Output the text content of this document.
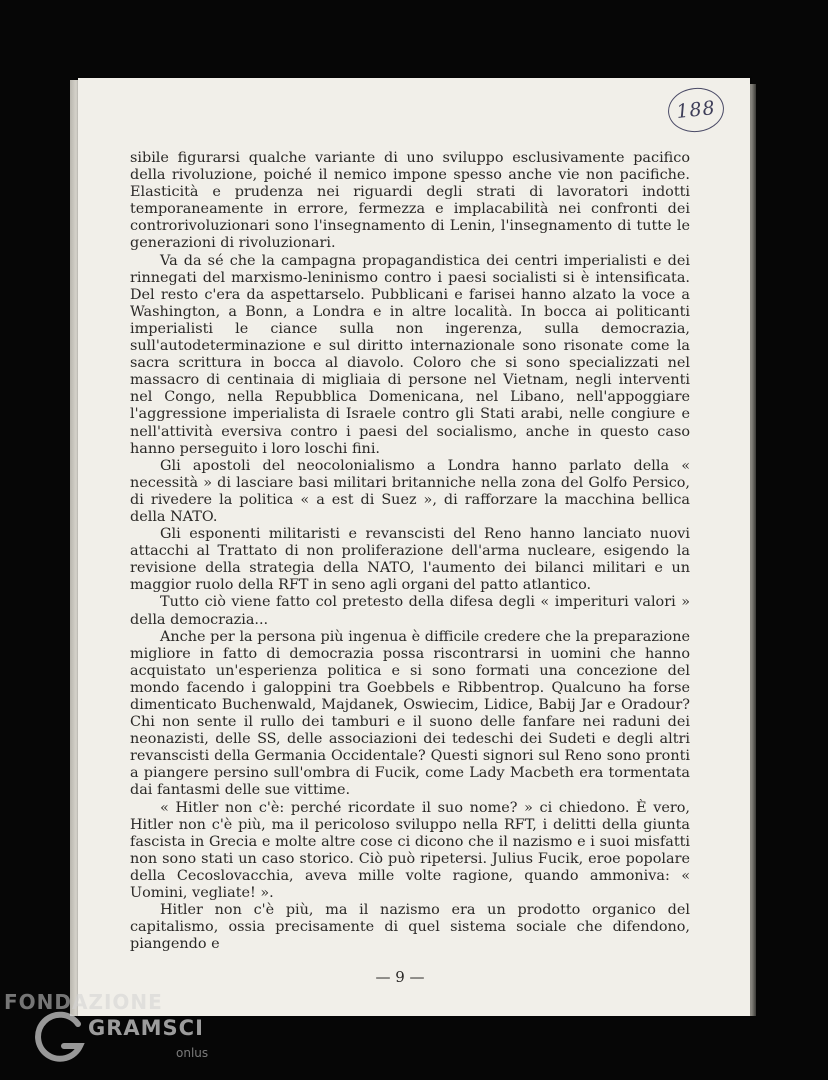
188

sibile figurarsi qualche variante di uno sviluppo esclusivamente pacifico della rivoluzione, poiché il nemico impone spesso anche vie non pacifiche. Elasticità e prudenza nei riguardi degli strati di lavoratori indotti temporaneamente in errore, fermezza e implacabilità nei confronti dei controrivoluzionari sono l'insegnamento di Lenin, l'insegnamento di tutte le generazioni di rivoluzionari.

Va da sé che la campagna propagandistica dei centri imperialisti e dei rinnegati del marxismo-leninismo contro i paesi socialisti si è intensificata. Del resto c'era da aspettarselo. Pubblicani e farisei hanno alzato la voce a Washington, a Bonn, a Londra e in altre località. In bocca ai politicanti imperialisti le ciance sulla non ingerenza, sulla democrazia, sull'autodeterminazione e sul diritto internazionale sono risonate come la sacra scrittura in bocca al diavolo. Coloro che si sono specializzati nel massacro di centinaia di migliaia di persone nel Vietnam, negli interventi nel Congo, nella Repubblica Domenicana, nel Libano, nell'appoggiare l'aggressione imperialista di Israele contro gli Stati arabi, nelle congiure e nell'attività eversiva contro i paesi del socialismo, anche in questo caso hanno perseguito i loro loschi fini.

Gli apostoli del neocolonialismo a Londra hanno parlato della « necessità » di lasciare basi militari britanniche nella zona del Golfo Persico, di rivedere la politica « a est di Suez », di rafforzare la macchina bellica della NATO.

Gli esponenti militaristi e revanscisti del Reno hanno lanciato nuovi attacchi al Trattato di non proliferazione dell'arma nucleare, esigendo la revisione della strategia della NATO, l'aumento dei bilanci militari e un maggior ruolo della RFT in seno agli organi del patto atlantico.

Tutto ciò viene fatto col pretesto della difesa degli « imperituri valori » della democrazia...

Anche per la persona più ingenua è difficile credere che la preparazione migliore in fatto di democrazia possa riscontrarsi in uomini che hanno acquistato un'esperienza politica e si sono formati una concezione del mondo facendo i galoppini tra Goebbels e Ribbentrop. Qualcuno ha forse dimenticato Buchenwald, Majdanek, Oswiecim, Lidice, Babij Jar e Oradour? Chi non sente il rullo dei tamburi e il suono delle fanfare nei raduni dei neonazisti, delle SS, delle associazioni dei tedeschi dei Sudeti e degli altri revanscisti della Germania Occidentale? Questi signori sul Reno sono pronti a piangere persino sull'ombra di Fucik, come Lady Macbeth era tormentata dai fantasmi delle sue vittime.

« Hitler non c'è: perché ricordate il suo nome? » ci chiedono. È vero, Hitler non c'è più, ma il pericoloso sviluppo nella RFT, i delitti della giunta fascista in Grecia e molte altre cose ci dicono che il nazismo e i suoi misfatti non sono stati un caso storico. Ciò può ripetersi. Julius Fucik, eroe popolare della Cecoslovacchia, aveva mille volte ragione, quando ammoniva: « Uomini, vegliate! ».

Hitler non c'è più, ma il nazismo era un prodotto organico del capitalismo, ossia precisamente di quel sistema sociale che difendono, piangendo e

— 9 —
FONDAZIONE
GRAMSCI
onlus
